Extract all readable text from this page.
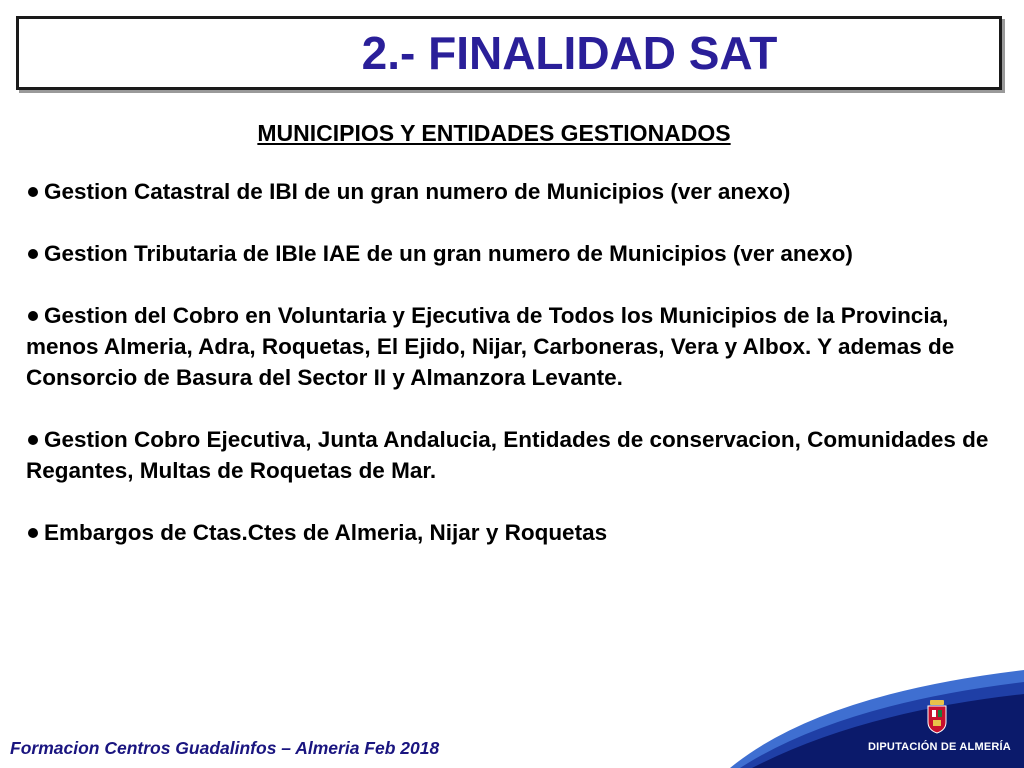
2.- FINALIDAD SAT
MUNICIPIOS Y ENTIDADES GESTIONADOS
Gestion Catastral de IBI de un gran numero de Municipios (ver anexo)
Gestion Tributaria de IBIe IAE de un gran numero de Municipios (ver anexo)
Gestion del Cobro en Voluntaria y Ejecutiva de Todos los Municipios de la Provincia, menos Almeria, Adra, Roquetas, El Ejido, Nijar, Carboneras, Vera y Albox. Y ademas de Consorcio de Basura del Sector II y Almanzora Levante.
Gestion Cobro Ejecutiva, Junta Andalucia, Entidades de conservacion, Comunidades de Regantes, Multas de Roquetas de Mar.
Embargos de Ctas.Ctes de Almeria, Nijar y Roquetas

Formacion Centros Guadalinfos – Almeria Feb 2018	DIPUTACIÓN DE ALMERÍA
